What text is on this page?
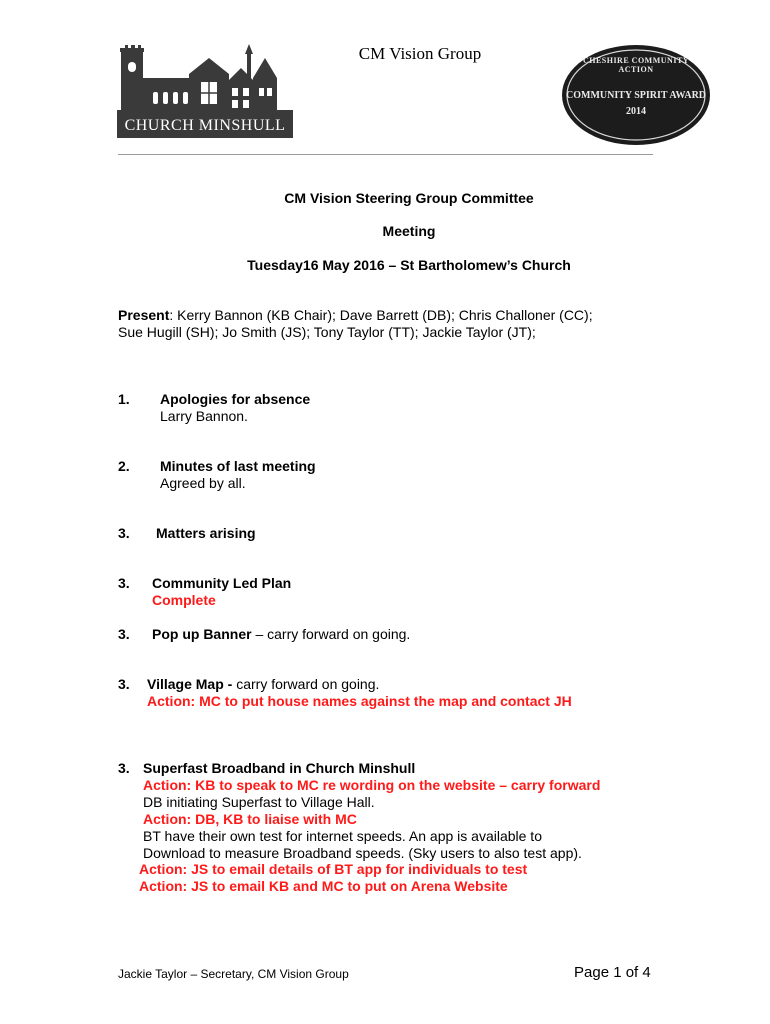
CHURCH MINSHULL
CM Vision Group	CHESHIRE COMMUNITY ACTION
COMMUNITY SPIRIT AWARD
2014
CM Vision Steering Group Committee
Meeting
Tuesday16 May 2016 – St Bartholomew’s Church
Present: Kerry Bannon (KB Chair); Dave Barrett (DB); Chris Challoner (CC);
Sue Hugill (SH); Jo Smith (JS); Tony Taylor (TT); Jackie Taylor (JT);
1. Apologies for absence
Larry Bannon.
2. Minutes of last meeting
Agreed by all.
3. Matters arising
3. Community Led Plan
Complete
3. Pop up Banner – carry forward on going.
3. Village Map - carry forward on going.
Action: MC to put house names against the map and contact JH
3. Superfast Broadband in Church Minshull
Action: KB to speak to MC re wording on the website – carry forward
DB initiating Superfast to Village Hall.
Action: DB, KB to liaise with MC
BT have their own test for internet speeds. An app is available to
Download to measure Broadband speeds. (Sky users to also test app).
Action: JS to email details of BT app for individuals to test
Action: JS to email KB and MC to put on Arena Website
Jackie Taylor – Secretary, CM Vision Group	Page 1 of 4
